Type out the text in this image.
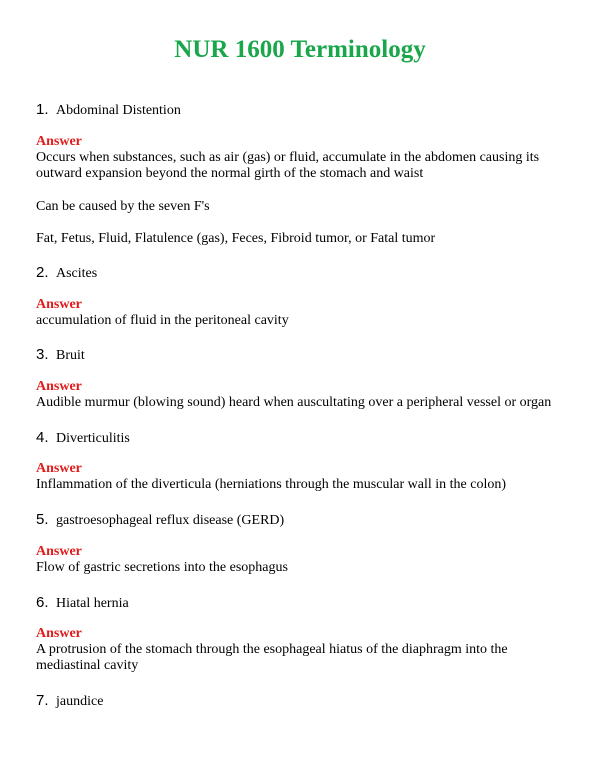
NUR 1600 Terminology
1. Abdominal Distention
Answer
Occurs when substances, such as air (gas) or fluid, accumulate in the abdomen causing its outward expansion beyond the normal girth of the stomach and waist
Can be caused by the seven F's
Fat, Fetus, Fluid, Flatulence (gas), Feces, Fibroid tumor, or Fatal tumor
2. Ascites
Answer
accumulation of fluid in the peritoneal cavity
3. Bruit
Answer
Audible murmur (blowing sound) heard when auscultating over a peripheral vessel or organ
4. Diverticulitis
Answer
Inflammation of the diverticula (herniations through the muscular wall in the colon)
5. gastroesophageal reflux disease (GERD)
Answer
Flow of gastric secretions into the esophagus
6. Hiatal hernia
Answer
A protrusion of the stomach through the esophageal hiatus of the diaphragm into the mediastinal cavity
7. jaundice
